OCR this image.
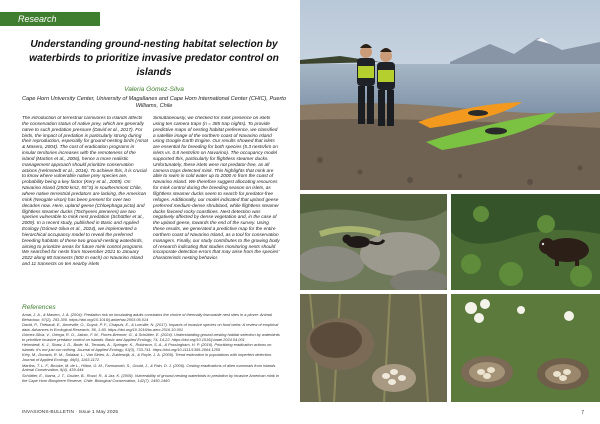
Research
Understanding ground-nesting habitat selection by waterbirds to prioritize invasive predator control on islands
Valeria Gómez-Silva
Cape Horn University Center, University of Magallanes and Cape Horn International Center (CHIC), Puerto Williams, Chile

The introduction of terrestrial carnivores to islands affects the conservation status of native prey, which are generally naïve to such predation pressure (David et al., 2017). For birds, the impact of predation is particularly strong during their reproduction, especially for ground-nesting birds (Amat & Masero, 2004). The cost of eradication programs in insular territories increases with the remoteness of the island (Martins et al., 2006), hence a more realistic management approach should prioritize conservation actions (Helmstedt et al., 2016). To achieve this, it is crucial to know where vulnerable native prey species are, probability being a key factor (Kery et al., 2009). On Navarino Island (2500 km2, 55°S) in southernmost Chile, where native terrestrial predators are lacking, the American mink (Neogale vison) has been present for over two decades now. Here, upland geese (Chloephaga picta) and flightless steamer ducks (Tachyeres pteneres) are two species vulnerable to mink nest predation (Schüttler et al., 2009). In a recent study, published in Basic and Applied Ecology (Gómez-Silva et al., 2024), we implemented a hierarchical occupancy model to reveal the preferred breeding habitats of these two ground-nesting waterbirds, aiming to prioritize areas for future mink control programs. We searched for nests from November 2021 to January 2022 along 80 transects (500 m each) on Navarino Island and 11 transects on ten nearby islets

Simultaneously, we checked for mink presence on islets using ten camera traps (n = 385 trap nights). To provide predictive maps of nesting habitat preference, we classified a satellite image of the northern coast of Navarino Island using Google Earth Engine. Our results showed that islets are essential for breeding for both species (5.3 nests/km on islets vs. 0.8 nests/km on Navarino). The occupancy model supported this, particularly for flightless steamer ducks. Unfortunately, these islets were not predator-free, as all camera traps detected mink. This highlights that mink are able to swim in cold water up to 2000 m from the coast of Navarino Island. We therefore suggest allocating resources for mink control during the breeding season on islets, as flightless steamer ducks seem to search for predator-free refuges. Additionally, our model indicated that upland geese preferred medium-dense shrubland, while flightless steamer ducks favored rocky coastlines. Nest detection was negatively affected by dense vegetation and, in the case of the upland geese, towards the end of the survey. Using these results, we generated a predictive map for the entire northern coast of Navarino Island, as a tool for conservation managers. Finally, our study contributes to the growing body of research indicating that studies monitoring nests should incorporate detection errors that may arise from the species' characteristic nesting behavior.

References
Amat, J. A., & Masero, J. A. (2004). Predation risk on incubating adults constrains the choice of thermally favourable nest sites in a plover. Animal Behaviour, 67(2), 293-300. https://doi.org/10.1016/j.anbehav.2003.06.014
David, P., Thébault, E., Anneville, O., Duyck, P. F., Chapuis, E., & Loeuille, N. (2017). Impacts of invasive species on food webs: A review of empirical data. Advances in Ecological Research, 56, 1-60. https://doi.org/10.1016/bs.aecr.2016.10.001
Gómez-Silva, V., Ortega, R. O., Jaksic, F. M., Flores-Brenner, G., & Schüttler, E. (2024). Understanding ground-nesting habitat selection by waterbirds to prioritize invasive predator control on islands. Basic and Applied Ecology, 74, 14-22. https://doi.org/10.1016/j.baae.2024.04.001
Helmstedt, K. J., Shaw, J. D., Bode, M., Terauds, A., Springer, K., Robinson, S. A., & Possingham, H. P. (2016). Prioritizing eradication actions on islands: it's not just our nothing. Journal of Applied Ecology, 53(3), 733-741. https://doi.org/10.1111/1365-2664.1259
Kéry, M., Dorazio, R. M., Soldaat, L., Van Strien, A., Zuiderwijk, A., & Royle, J. A. (2009). Trend estimation in populations with imperfect detection. Journal of Applied Ecology, 46(6), 1163-1172.
Martins, T. L. F., Brooke, M. de L., Hilton, G. M., Farnsworth, S., Gould, J., & Pain, D. J. (2006). Costing eradications of alien mammals from islands. Animal Conservation, 9(4), 439-444.
Schüttler, E., Ibarra, J. T., Gruber, B., Rozzi, R., & Jax, K. (2009). Vulnerability of ground-nesting waterbirds to predation by invasive American mink in the Cape Horn Biosphere Reserve, Chile. Biological Conservation, 142(7), 1450-1460.
INVASIONS-BULLETIN · Issue 1 May 2025	7
